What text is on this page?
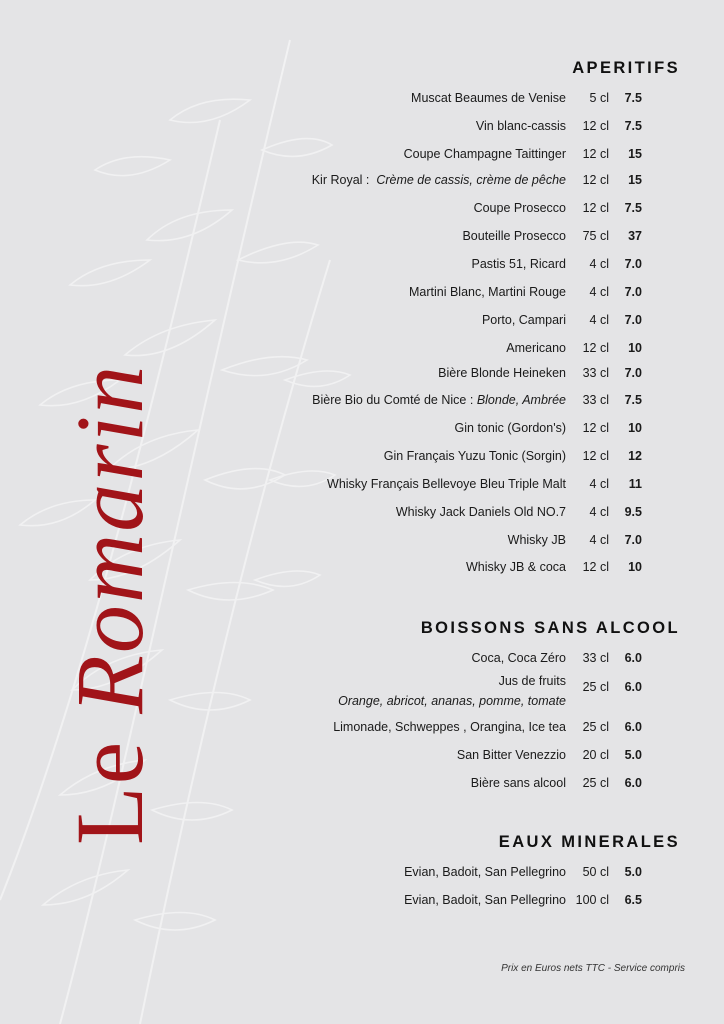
Le Romarin
APERITIFS
Muscat Beaumes de Venise 5 cl 7.5
Vin blanc-cassis 12 cl 7.5
Coupe Champagne Taittinger 12 cl 15
Kir Royal : Crème de cassis, crème de pêche 12 cl 15
Coupe Prosecco 12 cl 7.5
Bouteille Prosecco 75 cl 37
Pastis 51, Ricard 4 cl 7.0
Martini Blanc, Martini Rouge 4 cl 7.0
Porto, Campari 4 cl 7.0
Americano 12 cl 10
Bière Blonde Heineken 33 cl 7.0
Bière Bio du Comté de Nice : Blonde, Ambrée 33 cl 7.5
Gin tonic (Gordon's) 12 cl 10
Gin Français Yuzu Tonic (Sorgin) 12 cl 12
Whisky Français Bellevoye Bleu Triple Malt 4 cl 11
Whisky Jack Daniels Old NO.7 4 cl 9.5
Whisky JB 4 cl 7.0
Whisky JB & coca 12 cl 10
BOISSONS SANS ALCOOL
Coca, Coca Zéro 33 cl 6.0
Jus de fruits
Orange, abricot, ananas, pomme, tomate
25 cl 6.0
Limonade, Schweppes , Orangina, Ice tea 25 cl 6.0
San Bitter Venezzio 20 cl 5.0
Bière sans alcool 25 cl 6.0
EAUX MINERALES
Evian, Badoit, San Pellegrino 50 cl 5.0
Evian, Badoit, San Pellegrino 100 cl 6.5
Prix en Euros nets TTC - Service compris
